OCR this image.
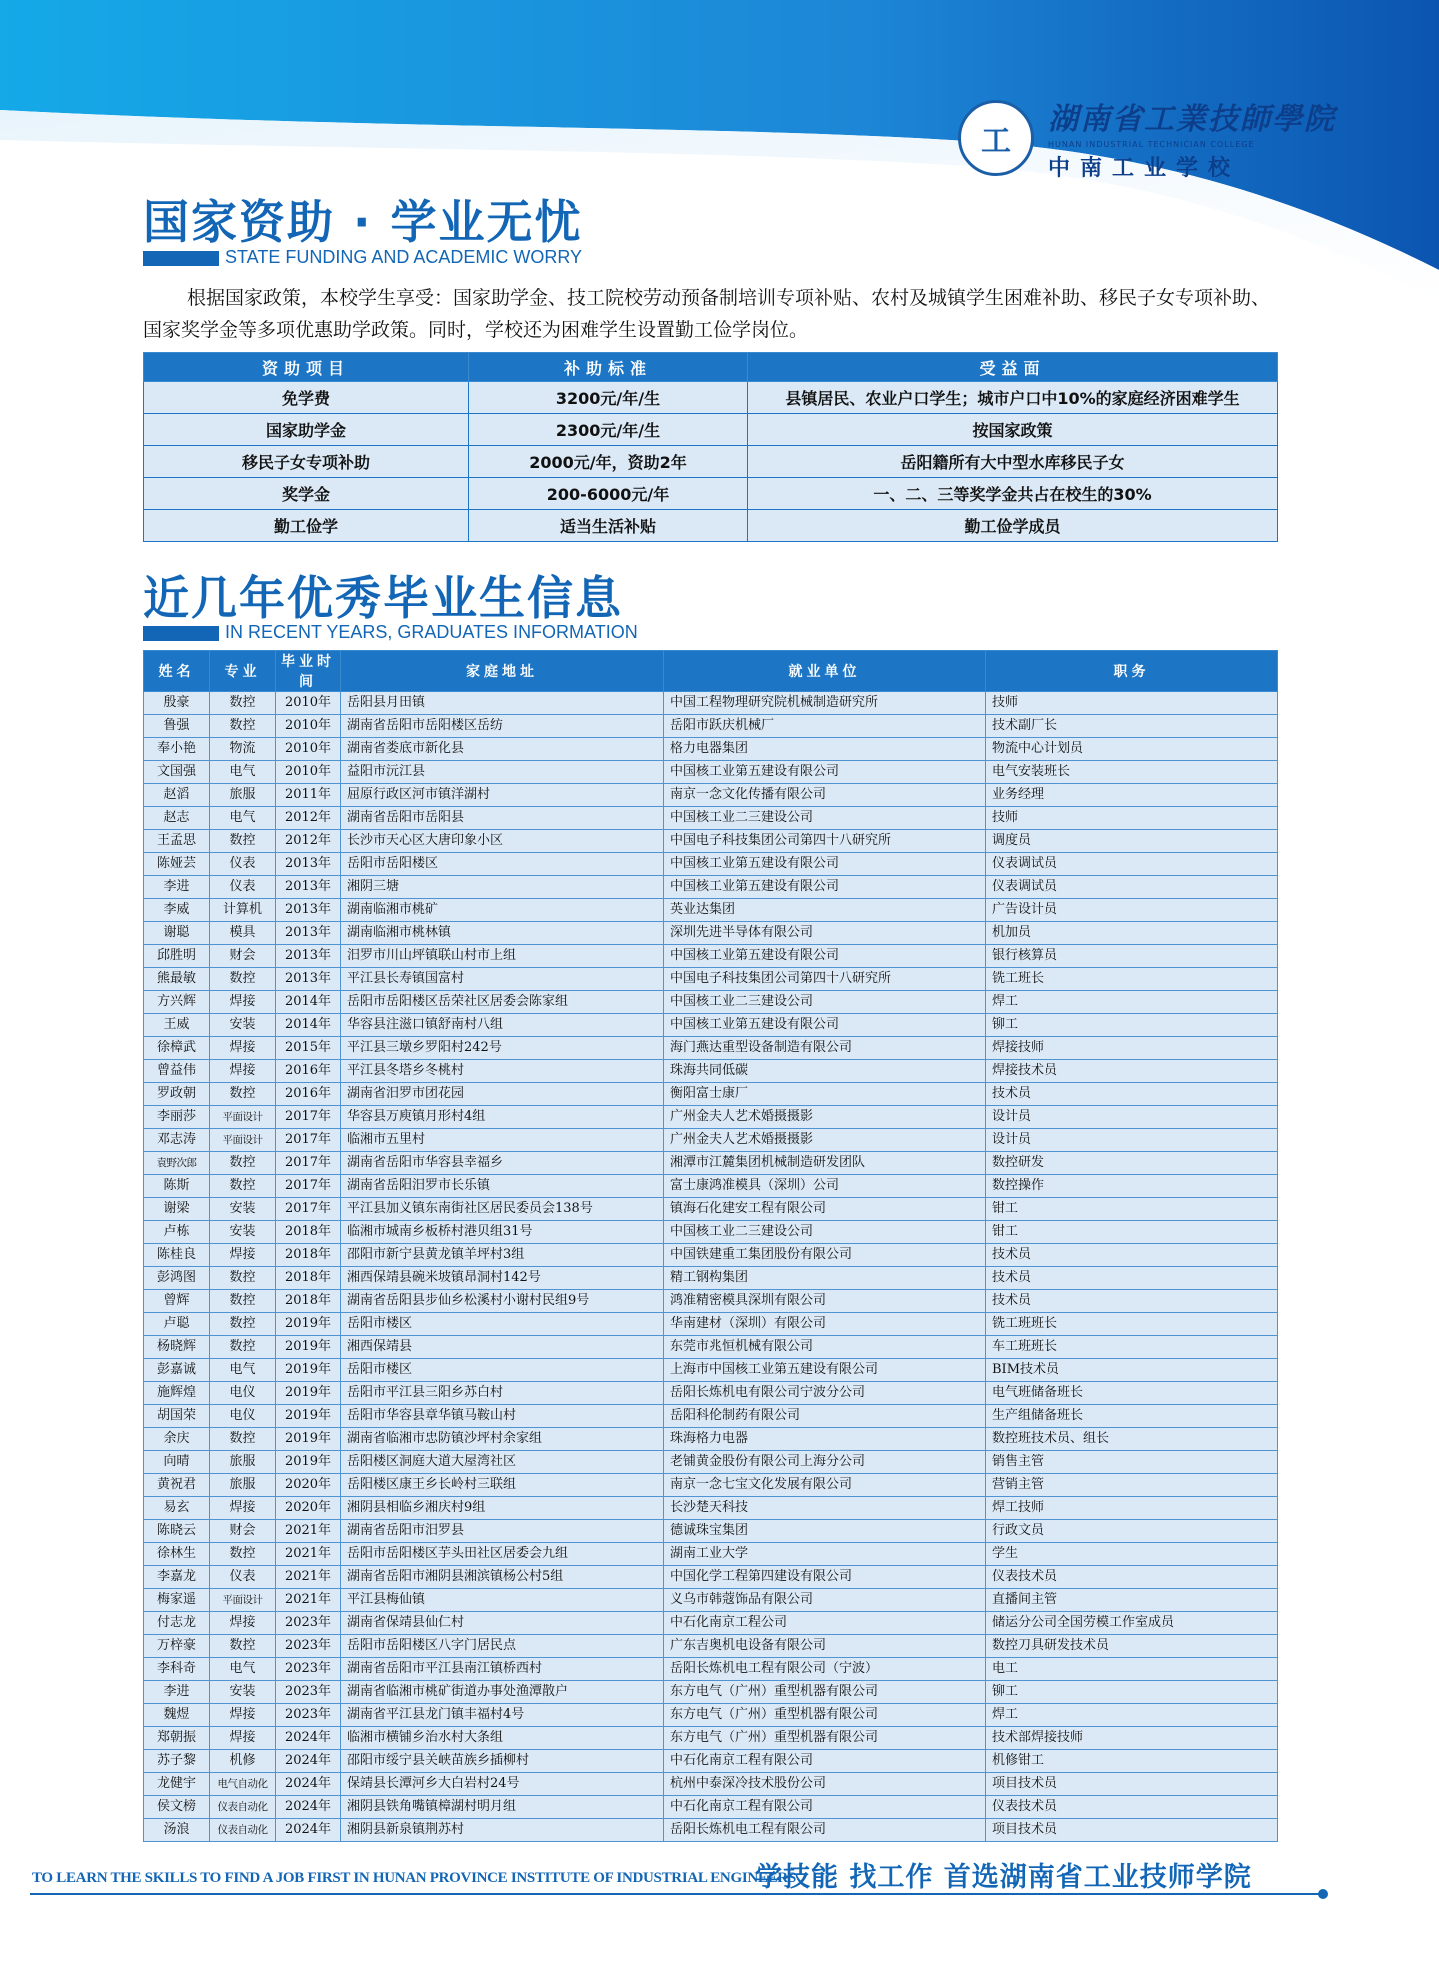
工
湖南省工業技師學院
HUNAN INDUSTRIAL TECHNICIAN COLLEGE
中南工业学校
国家资助 · 学业无忧
STATE FUNDING AND ACADEMIC WORRY

根据国家政策，本校学生享受：国家助学金、技工院校劳动预备制培训专项补贴、农村及城镇学生困难补助、移民子女专项补助、国家奖学金等多项优惠助学政策。同时，学校还为困难学生设置勤工俭学岗位。

资助项目	补助标准	受益面
免学费	3200元/年/生	县镇居民、农业户口学生；城市户口中10%的家庭经济困难学生
国家助学金	2300元/年/生	按国家政策
移民子女专项补助	2000元/年，资助2年	岳阳籍所有大中型水库移民子女
奖学金	200-6000元/年	一、二、三等奖学金共占在校生的30%
勤工俭学	适当生活补贴	勤工俭学成员
近几年优秀毕业生信息
IN RECENT YEARS, GRADUATES INFORMATION
姓名	专业	毕业时间	家庭地址	就业单位	职务
殷豪	数控	2010年	岳阳县月田镇	中国工程物理研究院机械制造研究所	技师
鲁强	数控	2010年	湖南省岳阳市岳阳楼区岳纺	岳阳市跃庆机械厂	技术副厂长
奉小艳	物流	2010年	湖南省娄底市新化县	格力电器集团	物流中心计划员
文国强	电气	2010年	益阳市沅江县	中国核工业第五建设有限公司	电气安装班长
赵滔	旅服	2011年	屈原行政区河市镇洋湖村	南京一念文化传播有限公司	业务经理
赵志	电气	2012年	湖南省岳阳市岳阳县	中国核工业二三建设公司	技师
王孟思	数控	2012年	长沙市天心区大唐印象小区	中国电子科技集团公司第四十八研究所	调度员
陈娅芸	仪表	2013年	岳阳市岳阳楼区	中国核工业第五建设有限公司	仪表调试员
李进	仪表	2013年	湘阴三塘	中国核工业第五建设有限公司	仪表调试员
李威	计算机	2013年	湖南临湘市桃矿	英业达集团	广告设计员
谢聪	模具	2013年	湖南临湘市桃林镇	深圳先进半导体有限公司	机加员
邱胜明	财会	2013年	汨罗市川山坪镇联山村市上组	中国核工业第五建设有限公司	银行核算员
熊最敏	数控	2013年	平江县长寿镇国富村	中国电子科技集团公司第四十八研究所	铣工班长
方兴辉	焊接	2014年	岳阳市岳阳楼区岳荣社区居委会陈家组	中国核工业二三建设公司	焊工
王威	安装	2014年	华容县注滋口镇舒南村八组	中国核工业第五建设有限公司	铆工
徐樟武	焊接	2015年	平江县三墩乡罗阳村242号	海门燕达重型设备制造有限公司	焊接技师
曾益伟	焊接	2016年	平江县冬塔乡冬桃村	珠海共同低碳	焊接技术员
罗政朝	数控	2016年	湖南省汨罗市团花园	衡阳富士康厂	技术员
李丽莎	平面设计	2017年	华容县万庾镇月形村4组	广州金夫人艺术婚摄摄影	设计员
邓志涛	平面设计	2017年	临湘市五里村	广州金夫人艺术婚摄摄影	设计员
袁野次郎	数控	2017年	湖南省岳阳市华容县幸福乡	湘潭市江麓集团机械制造研发团队	数控研发
陈斯	数控	2017年	湖南省岳阳汨罗市长乐镇	富士康鸿准模具（深圳）公司	数控操作
谢梁	安装	2017年	平江县加义镇东南街社区居民委员会138号	镇海石化建安工程有限公司	钳工
卢栋	安装	2018年	临湘市城南乡板桥村港贝组31号	中国核工业二三建设公司	钳工
陈桂良	焊接	2018年	邵阳市新宁县黄龙镇羊坪村3组	中国铁建重工集团股份有限公司	技术员
彭鸿图	数控	2018年	湘西保靖县碗米坡镇昂洞村142号	精工钢构集团	技术员
曾辉	数控	2018年	湖南省岳阳县步仙乡松溪村小谢村民组9号	鸿准精密模具深圳有限公司	技术员
卢聪	数控	2019年	岳阳市楼区	华南建材（深圳）有限公司	铣工班班长
杨晓辉	数控	2019年	湘西保靖县	东莞市兆恒机械有限公司	车工班班长
彭嘉诚	电气	2019年	岳阳市楼区	上海市中国核工业第五建设有限公司	BIM技术员
施辉煌	电仪	2019年	岳阳市平江县三阳乡苏白村	岳阳长炼机电有限公司宁波分公司	电气班储备班长
胡国荣	电仪	2019年	岳阳市华容县章华镇马鞍山村	岳阳科伦制药有限公司	生产组储备班长
余庆	数控	2019年	湖南省临湘市忠防镇沙坪村余家组	珠海格力电器	数控班技术员、组长
向晴	旅服	2019年	岳阳楼区洞庭大道大屋湾社区	老铺黄金股份有限公司上海分公司	销售主管
黄祝君	旅服	2020年	岳阳楼区康王乡长岭村三联组	南京一念七宝文化发展有限公司	营销主管
易玄	焊接	2020年	湘阴县相临乡湘庆村9组	长沙楚天科技	焊工技师
陈晓云	财会	2021年	湖南省岳阳市汨罗县	德诚珠宝集团	行政文员
徐林生	数控	2021年	岳阳市岳阳楼区芋头田社区居委会九组	湖南工业大学	学生
李嘉龙	仪表	2021年	湖南省岳阳市湘阴县湘滨镇杨公村5组	中国化学工程第四建设有限公司	仪表技术员
梅家遥	平面设计	2021年	平江县梅仙镇	义乌市韩蔻饰品有限公司	直播间主管
付志龙	焊接	2023年	湖南省保靖县仙仁村	中石化南京工程公司	储运分公司全国劳模工作室成员
万梓豪	数控	2023年	岳阳市岳阳楼区八字门居民点	广东吉奥机电设备有限公司	数控刀具研发技术员
李科奇	电气	2023年	湖南省岳阳市平江县南江镇桥西村	岳阳长炼机电工程有限公司（宁波）	电工
李进	安装	2023年	湖南省临湘市桃矿街道办事处渔潭散户	东方电气（广州）重型机器有限公司	铆工
魏煜	焊接	2023年	湖南省平江县龙门镇丰福村4号	东方电气（广州）重型机器有限公司	焊工
郑朝振	焊接	2024年	临湘市横铺乡治水村大条组	东方电气（广州）重型机器有限公司	技术部焊接技师
苏子黎	机修	2024年	邵阳市绥宁县关峡苗族乡插柳村	中石化南京工程有限公司	机修钳工
龙健宇	电气自动化	2024年	保靖县长潭河乡大白岩村24号	杭州中泰深冷技术股份公司	项目技术员
侯文榜	仪表自动化	2024年	湘阴县铁角嘴镇樟湖村明月组	中石化南京工程有限公司	仪表技术员
汤浪	仪表自动化	2024年	湘阴县新泉镇荆苏村	岳阳长炼机电工程有限公司	项目技术员
TO LEARN THE SKILLS TO FIND A JOB FIRST IN HUNAN PROVINCE INSTITUTE OF INDUSTRIAL ENGINEERS
学技能 找工作 首选湖南省工业技师学院
